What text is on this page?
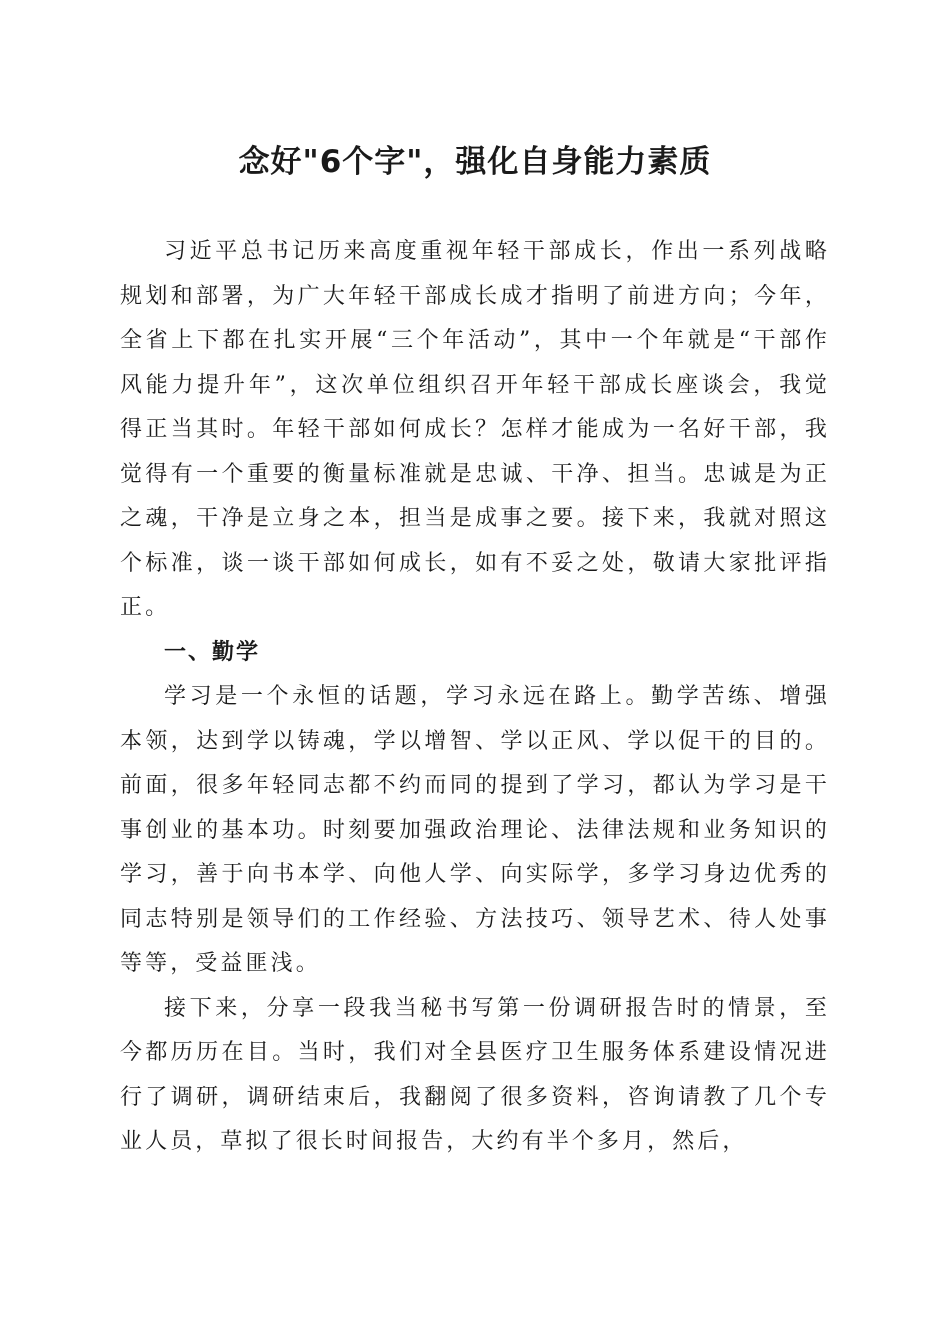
念好"6个字"，强化自身能力素质

习近平总书记历来高度重视年轻干部成长，作出一系列战略规划和部署，为广大年轻干部成长成才指明了前进方向；今年，全省上下都在扎实开展“三个年活动”，其中一个年就是“干部作风能力提升年”，这次单位组织召开年轻干部成长座谈会，我觉得正当其时。年轻干部如何成长？怎样才能成为一名好干部，我觉得有一个重要的衡量标准就是忠诚、干净、担当。忠诚是为正之魂，干净是立身之本，担当是成事之要。接下来，我就对照这个标准，谈一谈干部如何成长，如有不妥之处，敬请大家批评指正。

一、勤学

学习是一个永恒的话题，学习永远在路上。勤学苦练、增强本领，达到学以铸魂，学以增智、学以正风、学以促干的目的。前面，很多年轻同志都不约而同的提到了学习，都认为学习是干事创业的基本功。时刻要加强政治理论、法律法规和业务知识的学习，善于向书本学、向他人学、向实际学，多学习身边优秀的同志特别是领导们的工作经验、方法技巧、领导艺术、待人处事等等，受益匪浅。

接下来，分享一段我当秘书写第一份调研报告时的情景，至今都历历在目。当时，我们对全县医疗卫生服务体系建设情况进行了调研，调研结束后，我翻阅了很多资料，咨询请教了几个专业人员，草拟了很长时间报告，大约有半个多月，然后，
